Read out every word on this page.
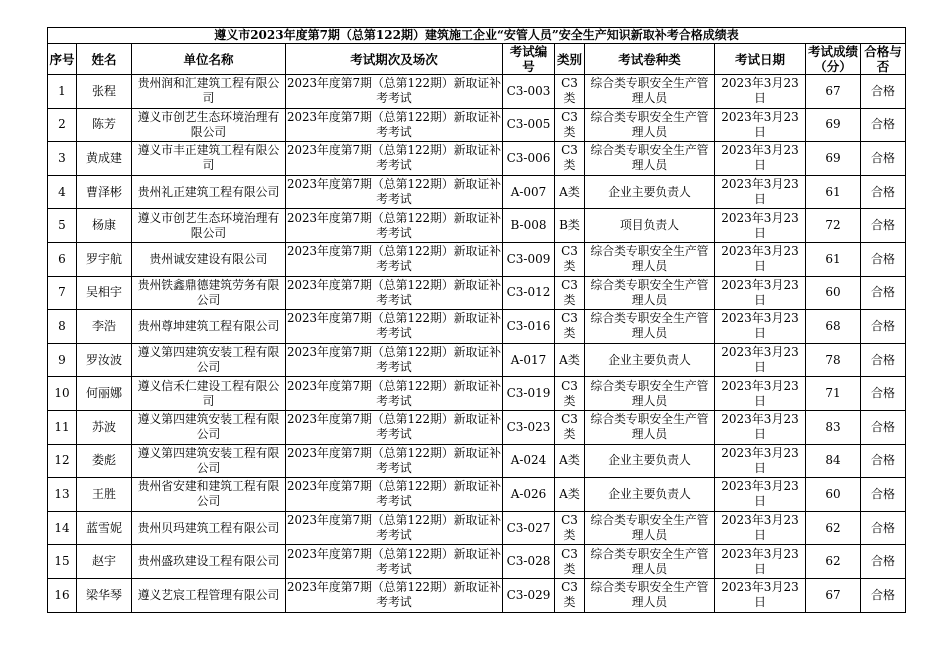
遵义市2023年度第7期（总第122期）建筑施工企业“安管人员”安全生产知识新取补考合格成绩表
序号	姓名	单位名称	考试期次及场次	考试编号	类别	考试卷种类	考试日期	考试成绩（分）	合格与否
1	张程	贵州润和汇建筑工程有限公司	2023年度第7期（总第122期）新取证补考考试	C3-003	C3类	综合类专职安全生产管理人员	2023年3月23日	67	合格
2	陈芳	遵义市创艺生态环境治理有限公司	2023年度第7期（总第122期）新取证补考考试	C3-005	C3类	综合类专职安全生产管理人员	2023年3月23日	69	合格
3	黄成建	遵义市丰正建筑工程有限公司	2023年度第7期（总第122期）新取证补考考试	C3-006	C3类	综合类专职安全生产管理人员	2023年3月23日	69	合格
4	曹泽彬	贵州礼正建筑工程有限公司	2023年度第7期（总第122期）新取证补考考试	A-007	A类	企业主要负责人	2023年3月23日	61	合格
5	杨康	遵义市创艺生态环境治理有限公司	2023年度第7期（总第122期）新取证补考考试	B-008	B类	项目负责人	2023年3月23日	72	合格
6	罗宇航	贵州诚安建设有限公司	2023年度第7期（总第122期）新取证补考考试	C3-009	C3类	综合类专职安全生产管理人员	2023年3月23日	61	合格
7	吴相宇	贵州铁鑫鼎德建筑劳务有限公司	2023年度第7期（总第122期）新取证补考考试	C3-012	C3类	综合类专职安全生产管理人员	2023年3月23日	60	合格
8	李浩	贵州尊坤建筑工程有限公司	2023年度第7期（总第122期）新取证补考考试	C3-016	C3类	综合类专职安全生产管理人员	2023年3月23日	68	合格
9	罗汝波	遵义第四建筑安装工程有限公司	2023年度第7期（总第122期）新取证补考考试	A-017	A类	企业主要负责人	2023年3月23日	78	合格
10	何丽娜	遵义信禾仁建设工程有限公司	2023年度第7期（总第122期）新取证补考考试	C3-019	C3类	综合类专职安全生产管理人员	2023年3月23日	71	合格
11	苏波	遵义第四建筑安装工程有限公司	2023年度第7期（总第122期）新取证补考考试	C3-023	C3类	综合类专职安全生产管理人员	2023年3月23日	83	合格
12	娄彪	遵义第四建筑安装工程有限公司	2023年度第7期（总第122期）新取证补考考试	A-024	A类	企业主要负责人	2023年3月23日	84	合格
13	王胜	贵州省安建和建筑工程有限公司	2023年度第7期（总第122期）新取证补考考试	A-026	A类	企业主要负责人	2023年3月23日	60	合格
14	蓝雪妮	贵州贝玛建筑工程有限公司	2023年度第7期（总第122期）新取证补考考试	C3-027	C3类	综合类专职安全生产管理人员	2023年3月23日	62	合格
15	赵宇	贵州盛玖建设工程有限公司	2023年度第7期（总第122期）新取证补考考试	C3-028	C3类	综合类专职安全生产管理人员	2023年3月23日	62	合格
16	梁华琴	遵义艺宸工程管理有限公司	2023年度第7期（总第122期）新取证补考考试	C3-029	C3类	综合类专职安全生产管理人员	2023年3月23日	67	合格
